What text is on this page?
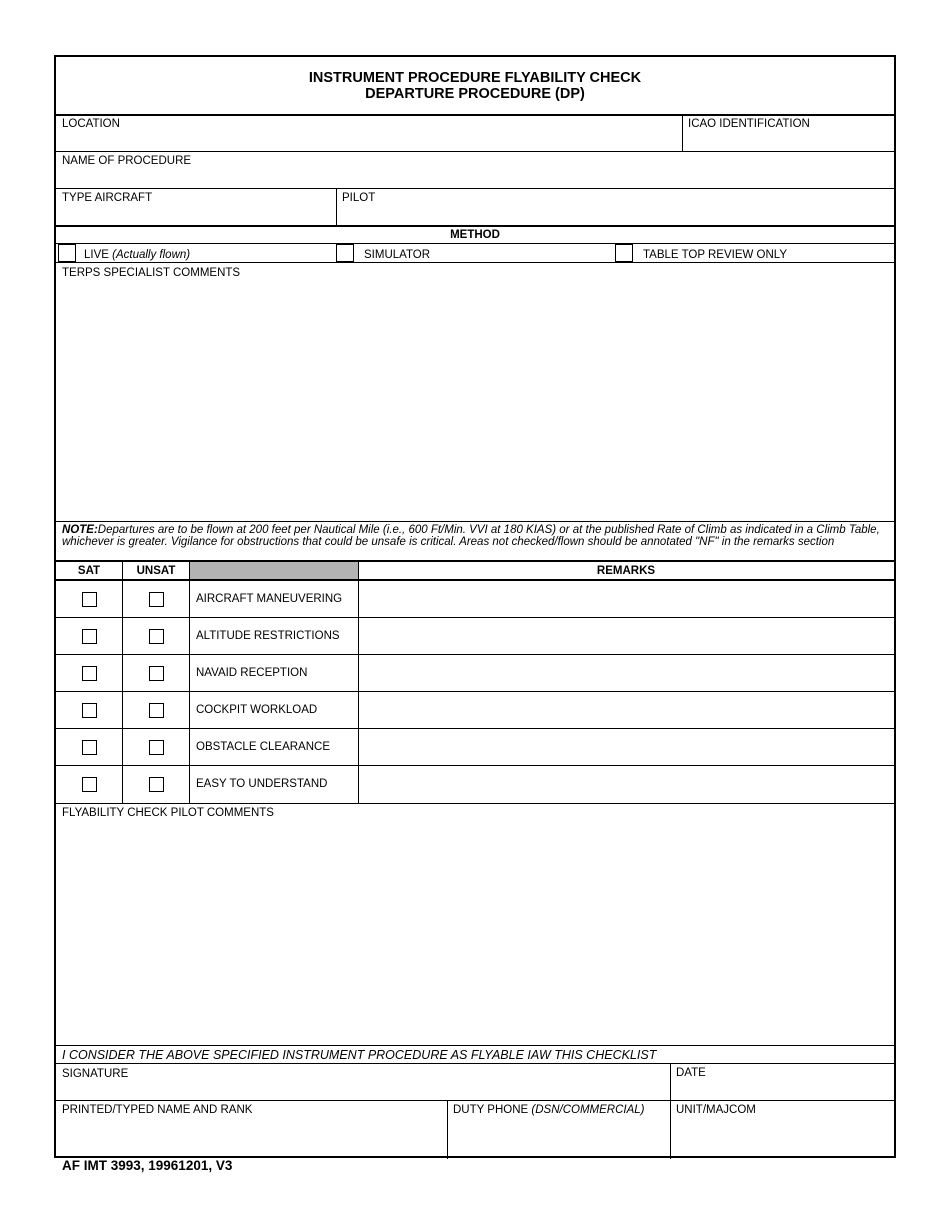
INSTRUMENT PROCEDURE FLYABILITY CHECK
DEPARTURE PROCEDURE (DP)
LOCATION	ICAO IDENTIFICATION
NAME OF PROCEDURE
TYPE AIRCRAFT	PILOT
METHOD
LIVE (Actually flown)	SIMULATOR	TABLE TOP REVIEW ONLY
TERPS SPECIALIST COMMENTS
NOTE:Departures are to be flown at 200 feet per Nautical Mile (i.e., 600 Ft/Min. VVI at 180 KIAS) or at the published Rate of Climb as indicated in a Climb Table, whichever is greater. Vigilance for obstructions that could be unsafe is critical. Areas not checked/flown should be annotated "NF" in the remarks section
SAT	UNSAT	REMARKS
AIRCRAFT MANEUVERING
ALTITUDE RESTRICTIONS
NAVAID RECEPTION
COCKPIT WORKLOAD
OBSTACLE CLEARANCE
EASY TO UNDERSTAND
FLYABILITY CHECK PILOT COMMENTS
I CONSIDER THE ABOVE SPECIFIED INSTRUMENT PROCEDURE AS FLYABLE IAW THIS CHECKLIST
SIGNATURE	DATE
PRINTED/TYPED NAME AND RANK	DUTY PHONE (DSN/COMMERCIAL)	UNIT/MAJCOM
AF IMT 3993, 19961201, V3
